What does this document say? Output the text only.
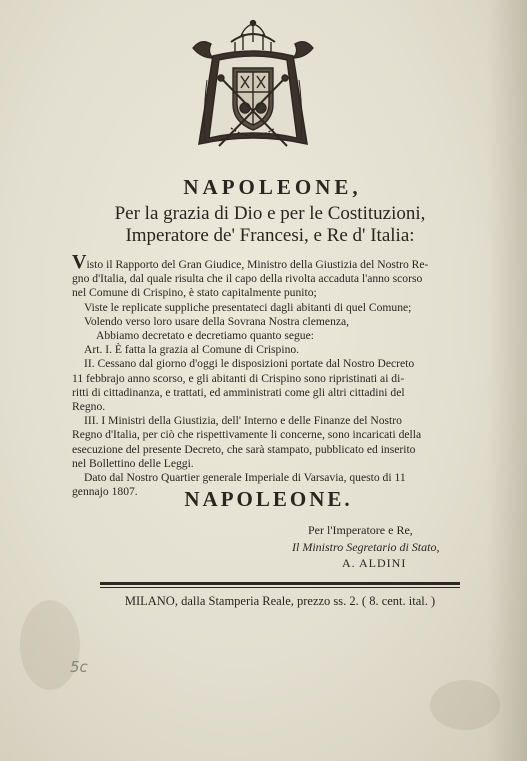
NAPOLEONE,
Per la grazia di Dio e per le Costituzioni,
Imperatore de' Francesi, e Re d' Italia:
Visto il Rapporto del Gran Giudice, Ministro della Giustizia del Nostro Re-
gno d'Italia, dal quale risulta che il capo della rivolta accaduta l'anno scorso
nel Comune di Crispino, è stato capitalmente punito;
Viste le replicate suppliche presentateci dagli abitanti di quel Comune;
Volendo verso loro usare della Sovrana Nostra clemenza,
Abbiamo decretato e decretiamo quanto segue:
Art. I. È fatta la grazia al Comune di Crispino.
II. Cessano dal giorno d'oggi le disposizioni portate dal Nostro Decreto
11 febbrajo anno scorso, e gli abitanti di Crispino sono ripristinati ai di-
ritti di cittadinanza, e trattati, ed amministrati come gli altri cittadini del
Regno.
III. I Ministri della Giustizia, dell' Interno e delle Finanze del Nostro
Regno d'Italia, per ciò che rispettivamente li concerne, sono incaricati della
esecuzione del presente Decreto, che sarà stampato, pubblicato ed inserito
nel Bollettino delle Leggi.
Dato dal Nostro Quartier generale Imperiale di Varsavia, questo di 11
gennajo 1807.	NAPOLEONE.
Per l'Imperatore e Re,
Il Ministro Segretario di Stato,
A. ALDINI
MILANO, dalla Stamperia Reale, prezzo ss. 2. ( 8. cent. ital. )
5c
